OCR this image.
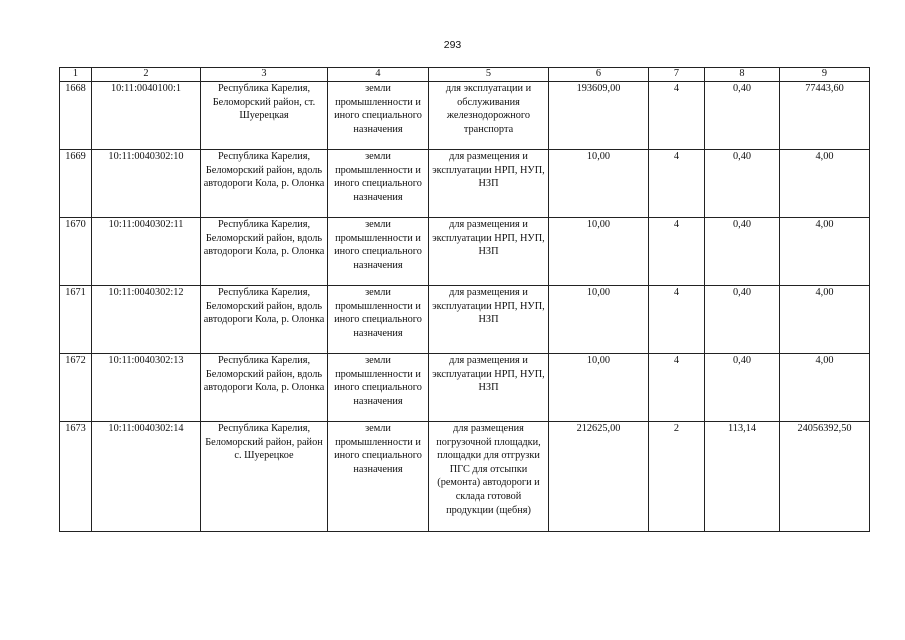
293
1	2	3	4	5	6	7	8	9
1668	10:11:0040100:1	Республика Карелия, Беломорский район, ст. Шуерецкая	земли промышленности и иного специального назначения	для эксплуатации и обслуживания железнодорожного транспорта	193609,00	4	0,40	77443,60
1669	10:11:0040302:10	Республика Карелия, Беломорский район, вдоль автодороги Кола, р. Олонка	земли промышленности и иного специального назначения	для размещения и эксплуатации НРП, НУП, НЗП	10,00	4	0,40	4,00
1670	10:11:0040302:11	Республика Карелия, Беломорский район, вдоль автодороги Кола, р. Олонка	земли промышленности и иного специального назначения	для размещения и эксплуатации НРП, НУП, НЗП	10,00	4	0,40	4,00
1671	10:11:0040302:12	Республика Карелия, Беломорский район, вдоль автодороги Кола, р. Олонка	земли промышленности и иного специального назначения	для размещения и эксплуатации НРП, НУП, НЗП	10,00	4	0,40	4,00
1672	10:11:0040302:13	Республика Карелия, Беломорский район, вдоль автодороги Кола, р. Олонка	земли промышленности и иного специального назначения	для размещения и эксплуатации НРП, НУП, НЗП	10,00	4	0,40	4,00
1673	10:11:0040302:14	Республика Карелия, Беломорский район, район с. Шуерецкое	земли промышленности и иного специального назначения	для размещения погрузочной площадки, площадки для отгрузки ПГС для отсыпки (ремонта) автодороги и склада готовой продукции (щебня)	212625,00	2	113,14	24056392,50
